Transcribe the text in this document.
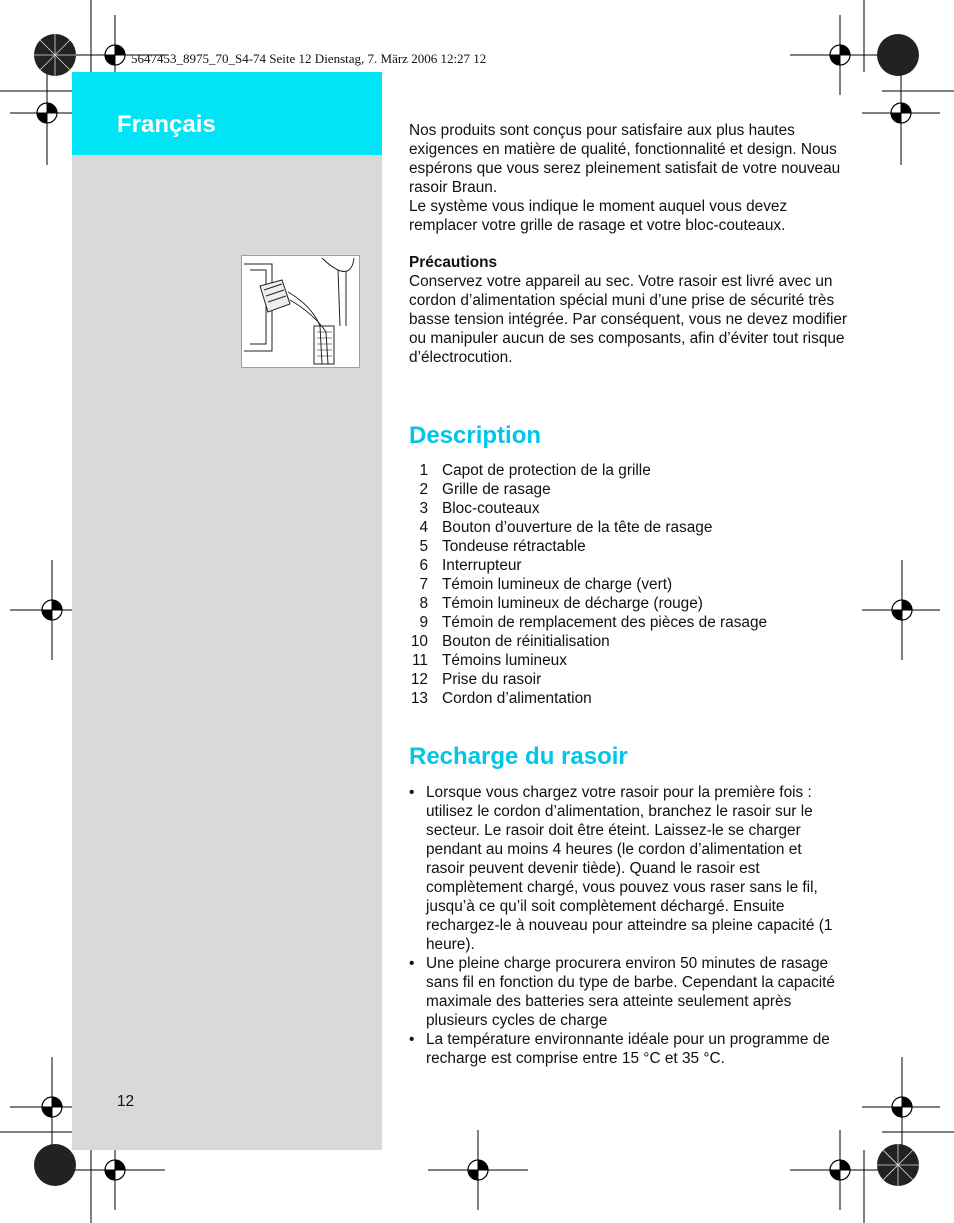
Français
5647453_8975_70_S4-74 Seite 12 Dienstag, 7. März 2006 12:27 12
Nos produits sont conçus pour satisfaire aux plus hautes exigences en matière de qualité, fonctionnalité et design. Nous espérons que vous serez pleinement satisfait de votre nouveau rasoir Braun.
Le système vous indique le moment auquel vous devez remplacer votre grille de rasage et votre bloc-couteaux.
Précautions
Conservez votre appareil au sec. Votre rasoir est livré avec un cordon d’alimentation spécial muni d’une prise de sécurité très basse tension intégrée. Par conséquent, vous ne devez modifier ou manipuler aucun de ses composants, afin d’éviter tout risque d’électrocution.
Description
1 Capot de protection de la grille
2 Grille de rasage
3 Bloc-couteaux
4 Bouton d’ouverture de la tête de rasage
5 Tondeuse rétractable
6 Interrupteur
7 Témoin lumineux de charge (vert)
8 Témoin lumineux de décharge (rouge)
9 Témoin de remplacement des pièces de rasage
10 Bouton de réinitialisation
11 Témoins lumineux
12 Prise du rasoir
13 Cordon d’alimentation
Recharge du rasoir
• Lorsque vous chargez votre rasoir pour la première fois : utilisez le cordon d’alimentation, branchez le rasoir sur le secteur. Le rasoir doit être éteint. Laissez-le se charger pendant au moins 4 heures (le cordon d’alimentation et rasoir peuvent devenir tiède). Quand le rasoir est complètement chargé, vous pouvez vous raser sans le fil, jusqu’à ce qu’il soit complètement déchargé. Ensuite rechargez-le à nouveau pour atteindre sa pleine capacité (1 heure).
• Une pleine charge procurera environ 50 minutes de rasage sans fil en fonction du type de barbe. Cependant la capacité maximale des batteries sera atteinte seulement après plusieurs cycles de charge
• La température environnante idéale pour un programme de recharge est comprise entre 15 °C et 35 °C.
12
